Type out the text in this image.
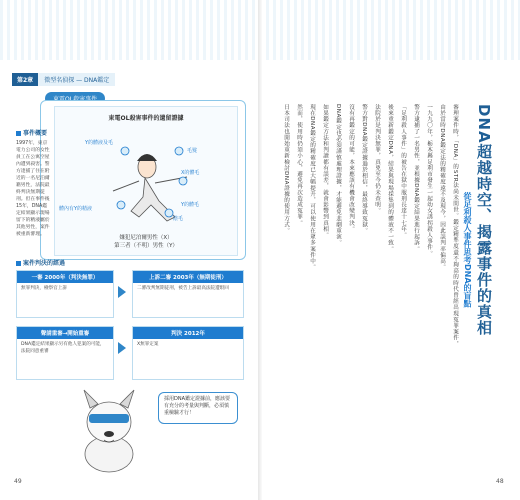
第2章	微型名偵探 — DNA鑑定
東電OL殺害事件的遺留證據
Y的體液及毛
毛髮
X的體毛
體內有Y的精液
Y的體毛
陰毛
嫌犯尼泊爾男性（X）
第三者（不明）男性（Y）
事件概要
1997年，東京電力公司的女性員工在公寓空屋內遭到殺害。警方逮捕了住在附近的一名尼泊爾籍男性，法院最終判決無期徒刑。但在事件後15年，DNA鑑定結果顯示現場留下的精液屬於其他男性，案件被重新審理。
案件判決的經過
一審 2000年（判決無罪）
無罪判決，檢察官上訴
上訴二審 2003年（無期徒刑）
二審改判無期徒刑，被告上訴最高法院遭駁回
聲請重審→開始重審
DNA鑑定結果顯示另有他人犯案的可能，法院同意重審
判決 2012年
X無罪定案
採用DNA鑑定證據前，應該要有充分的考量與判斷，必須慎重檢驗才行！
49
DNA超越時空、揭露事件的真相
從足利殺人事件思考DNA的盲點
審理案件時，「DNA」的STR法尚未問世。鑑定精準度還不夠高的時代曾經出現冤罪案件，
由於當時DNA鑑定法的精確度遠不及現今，因此誤判率偏高。
一九九〇年，栃木縣足利市發生一起幼女誘拐殺人事件。
警方逮捕了一名男性，並根據DNA鑑定結果進行起訴。
「足利殺人事件」的被告在獄中服刑長達十七年。
後來重新鑑定DNA，結果與現場採集到的體液不一致。
法院於是判決無罪，真兇至今仍未查明。
警方對DNA鑑定證據過於相信，最終導致冤獄。
沒有再鑑定的可能，本來應該有機會改變判決。
DNA鑑定也必須謹慎處理證據，才能避免悲劇重演。
如果鑑定方法和判讀都有誤差，就會影響到真相。
現在DNA鑑定的精確度已大幅提升，可以使用在眾多案件中。
然而，使用時仍須小心，避免再次造成冤罪。
日本司法也開始重新檢討DNA證據的使用方式。
48
